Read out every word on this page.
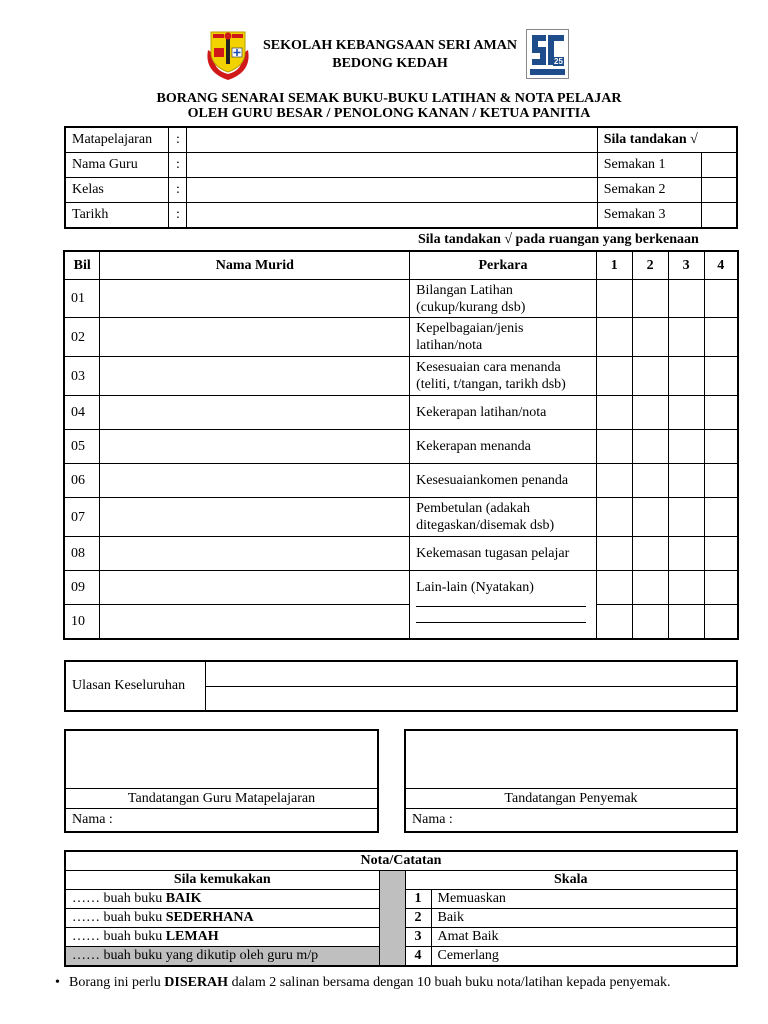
SEKOLAH KEBANGSAAN SERI AMAN
BEDONG KEDAH	25
BORANG SENARAI SEMAK BUKU-BUKU LATIHAN & NOTA PELAJAR
OLEH GURU BESAR / PENOLONG KANAN / KETUA PANITIA
Matapelajaran	:		Sila tandakan √	
Nama Guru	:		Semakan 1	
Kelas	:		Semakan 2	
Tarikh	:		Semakan 3	
Sila tandakan √ pada ruangan yang berkenaan
Bil	Nama Murid	Perkara	1	2	3	4
01		Bilangan Latihan
(cukup/kurang dsb)				

02		Kepelbagaian/jenis
latihan/nota				

03		Kesesuaian cara menanda
(teliti, t/tangan, tarikh dsb)				

04		Kekerapan latihan/nota				
05		Kekerapan menanda				
06		Kesesuaiankomen penanda				
07		Pembetulan (adakah
ditegaskan/disemak dsb)				

08		Kekemasan tugasan pelajar				
09		Lain-lain (Nyatakan)				

10						
Ulasan Keseluruhan	

Tandatangan Guru Matapelajaran
Nama :
Tandatangan Penyemak
Nama :
Nota/Catatan			
Sila kemukakan		Skala	
…… buah buku BAIK		1	Memuaskan
…… buah buku SEDERHANA		2	Baik
…… buah buku LEMAH		3	Amat Baik
…… buah buku yang dikutip oleh guru m/p		4	Cemerlang
• Borang ini perlu DISERAH dalam 2 salinan bersama dengan 10 buah buku nota/latihan kepada penyemak.
